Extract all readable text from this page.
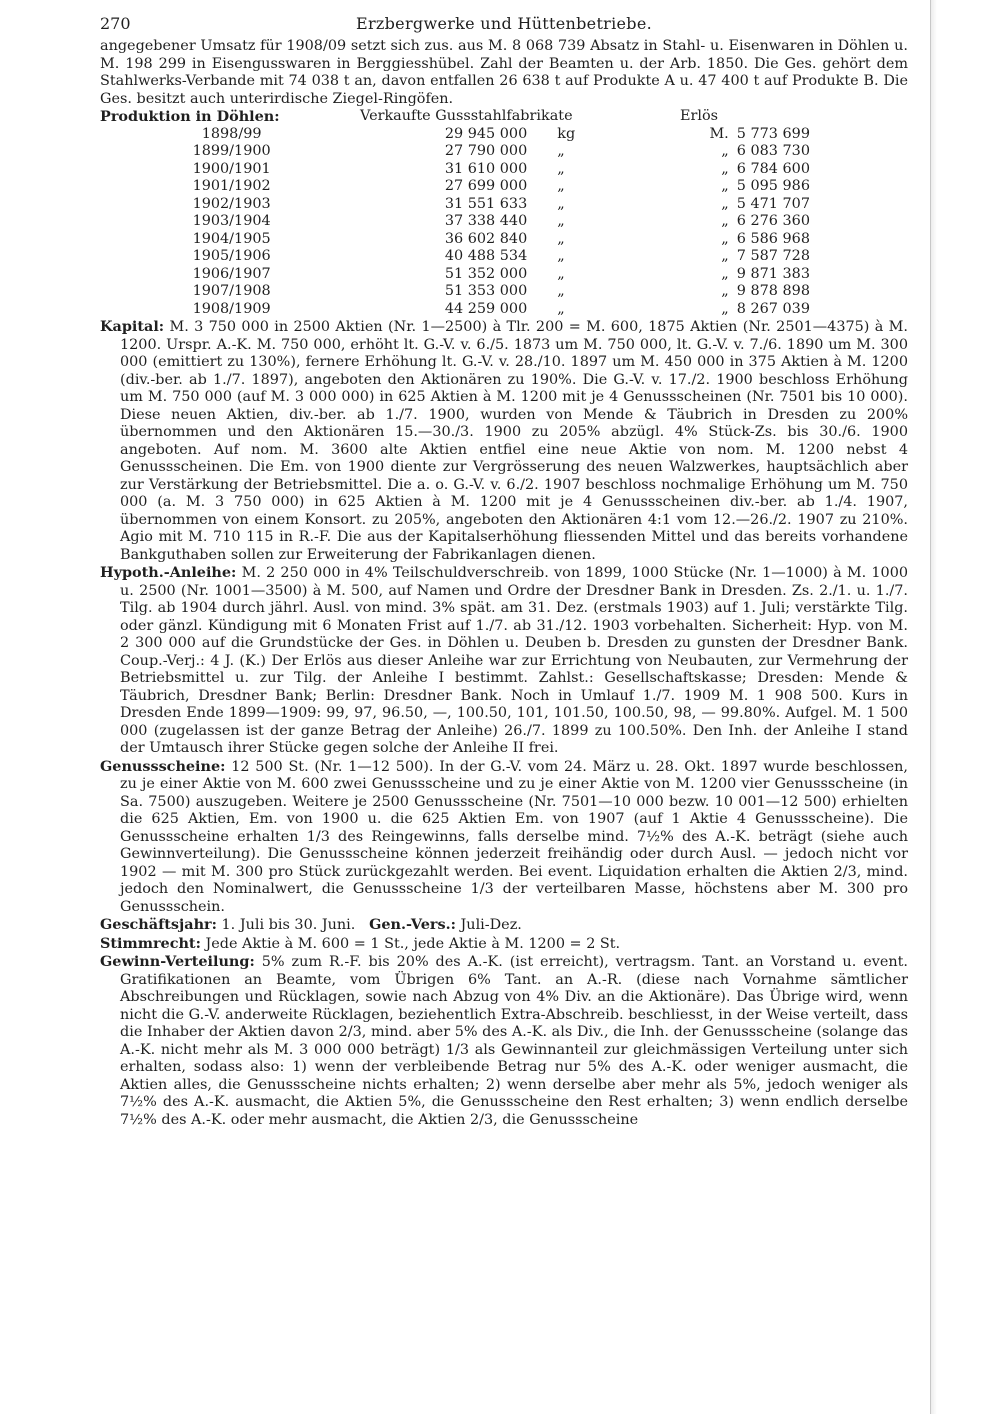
270	Erzbergwerke und Hüttenbetriebe.

angegebener Umsatz für 1908/09 setzt sich zus. aus M. 8 068 739 Absatz in Stahl- u. Eisenwaren in Döhlen u. M. 198 299 in Eisengusswaren in Berggiesshübel. Zahl der Beamten u. der Arb. 1850. Die Ges. gehört dem Stahlwerks-Verbande mit 74 038 t an, davon entfallen 26 638 t auf Produkte A u. 47 400 t auf Produkte B. Die Ges. besitzt auch unterirdische Ziegel-Ringöfen.

Produktion in Döhlen:	Verkaufte Gussstahlfabrikate	Erlös
1898/99	29 945 000	kg	M. 5 773 699
1899/1900	27 790 000	„	„ 6 083 730
1900/1901	31 610 000	„	„ 6 784 600
1901/1902	27 699 000	„	„ 5 095 986
1902/1903	31 551 633	„	„ 5 471 707
1903/1904	37 338 440	„	„ 6 276 360
1904/1905	36 602 840	„	„ 6 586 968
1905/1906	40 488 534	„	„ 7 587 728
1906/1907	51 352 000	„	„ 9 871 383
1907/1908	51 353 000	„	„ 9 878 898
1908/1909	44 259 000	„	„ 8 267 039

Kapital: M. 3 750 000 in 2500 Aktien (Nr. 1—2500) à Tlr. 200 = M. 600, 1875 Aktien (Nr. 2501—4375) à M. 1200. Urspr. A.-K. M. 750 000, erhöht lt. G.-V. v. 6./5. 1873 um M. 750 000, lt. G.-V. v. 7./6. 1890 um M. 300 000 (emittiert zu 130%), fernere Erhöhung lt. G.-V. v. 28./10. 1897 um M. 450 000 in 375 Aktien à M. 1200 (div.-ber. ab 1./7. 1897), angeboten den Aktionären zu 190%. Die G.-V. v. 17./2. 1900 beschloss Erhöhung um M. 750 000 (auf M. 3 000 000) in 625 Aktien à M. 1200 mit je 4 Genussscheinen (Nr. 7501 bis 10 000). Diese neuen Aktien, div.-ber. ab 1./7. 1900, wurden von Mende & Täubrich in Dresden zu 200% übernommen und den Aktionären 15.—30./3. 1900 zu 205% abzügl. 4% Stück-Zs. bis 30./6. 1900 angeboten. Auf nom. M. 3600 alte Aktien entfiel eine neue Aktie von nom. M. 1200 nebst 4 Genussscheinen. Die Em. von 1900 diente zur Vergrösserung des neuen Walzwerkes, hauptsächlich aber zur Verstärkung der Betriebsmittel. Die a. o. G.-V. v. 6./2. 1907 beschloss nochmalige Erhöhung um M. 750 000 (a. M. 3 750 000) in 625 Aktien à M. 1200 mit je 4 Genussscheinen div.-ber. ab 1./4. 1907, übernommen von einem Konsort. zu 205%, angeboten den Aktionären 4:1 vom 12.—26./2. 1907 zu 210%. Agio mit M. 710 115 in R.-F. Die aus der Kapitalserhöhung fliessenden Mittel und das bereits vorhandene Bankguthaben sollen zur Erweiterung der Fabrikanlagen dienen.

Hypoth.-Anleihe: M. 2 250 000 in 4% Teilschuldverschreib. von 1899, 1000 Stücke (Nr. 1—1000) à M. 1000 u. 2500 (Nr. 1001—3500) à M. 500, auf Namen und Ordre der Dresdner Bank in Dresden. Zs. 2./1. u. 1./7. Tilg. ab 1904 durch jährl. Ausl. von mind. 3% spät. am 31. Dez. (erstmals 1903) auf 1. Juli; verstärkte Tilg. oder gänzl. Kündigung mit 6 Monaten Frist auf 1./7. ab 31./12. 1903 vorbehalten. Sicherheit: Hyp. von M. 2 300 000 auf die Grundstücke der Ges. in Döhlen u. Deuben b. Dresden zu gunsten der Dresdner Bank. Coup.-Verj.: 4 J. (K.) Der Erlös aus dieser Anleihe war zur Errichtung von Neubauten, zur Vermehrung der Betriebsmittel u. zur Tilg. der Anleihe I bestimmt. Zahlst.: Gesellschaftskasse; Dresden: Mende & Täubrich, Dresdner Bank; Berlin: Dresdner Bank. Noch in Umlauf 1./7. 1909 M. 1 908 500. Kurs in Dresden Ende 1899—1909: 99, 97, 96.50, —, 100.50, 101, 101.50, 100.50, 98, — 99.80%. Aufgel. M. 1 500 000 (zugelassen ist der ganze Betrag der Anleihe) 26./7. 1899 zu 100.50%. Den Inh. der Anleihe I stand der Umtausch ihrer Stücke gegen solche der Anleihe II frei.

Genussscheine: 12 500 St. (Nr. 1—12 500). In der G.-V. vom 24. März u. 28. Okt. 1897 wurde beschlossen, zu je einer Aktie von M. 600 zwei Genussscheine und zu je einer Aktie von M. 1200 vier Genussscheine (in Sa. 7500) auszugeben. Weitere je 2500 Genussscheine (Nr. 7501—10 000 bezw. 10 001—12 500) erhielten die 625 Aktien, Em. von 1900 u. die 625 Aktien Em. von 1907 (auf 1 Aktie 4 Genussscheine). Die Genussscheine erhalten 1/3 des Reingewinns, falls derselbe mind. 7½% des A.-K. beträgt (siehe auch Gewinnverteilung). Die Genussscheine können jederzeit freihändig oder durch Ausl. — jedoch nicht vor 1902 — mit M. 300 pro Stück zurückgezahlt werden. Bei event. Liquidation erhalten die Aktien 2/3, mind. jedoch den Nominalwert, die Genussscheine 1/3 der verteilbaren Masse, höchstens aber M. 300 pro Genussschein.

Geschäftsjahr: 1. Juli bis 30. Juni. Gen.-Vers.: Juli-Dez.

Stimmrecht: Jede Aktie à M. 600 = 1 St., jede Aktie à M. 1200 = 2 St.

Gewinn-Verteilung: 5% zum R.-F. bis 20% des A.-K. (ist erreicht), vertragsm. Tant. an Vorstand u. event. Gratifikationen an Beamte, vom Übrigen 6% Tant. an A.-R. (diese nach Vornahme sämtlicher Abschreibungen und Rücklagen, sowie nach Abzug von 4% Div. an die Aktionäre). Das Übrige wird, wenn nicht die G.-V. anderweite Rücklagen, beziehentlich Extra-Abschreib. beschliesst, in der Weise verteilt, dass die Inhaber der Aktien davon 2/3, mind. aber 5% des A.-K. als Div., die Inh. der Genussscheine (solange das A.-K. nicht mehr als M. 3 000 000 beträgt) 1/3 als Gewinnanteil zur gleichmässigen Verteilung unter sich erhalten, sodass also: 1) wenn der verbleibende Betrag nur 5% des A.-K. oder weniger ausmacht, die Aktien alles, die Genussscheine nichts erhalten; 2) wenn derselbe aber mehr als 5%, jedoch weniger als 7½% des A.-K. ausmacht, die Aktien 5%, die Genussscheine den Rest erhalten; 3) wenn endlich derselbe 7½% des A.-K. oder mehr ausmacht, die Aktien 2/3, die Genussscheine
